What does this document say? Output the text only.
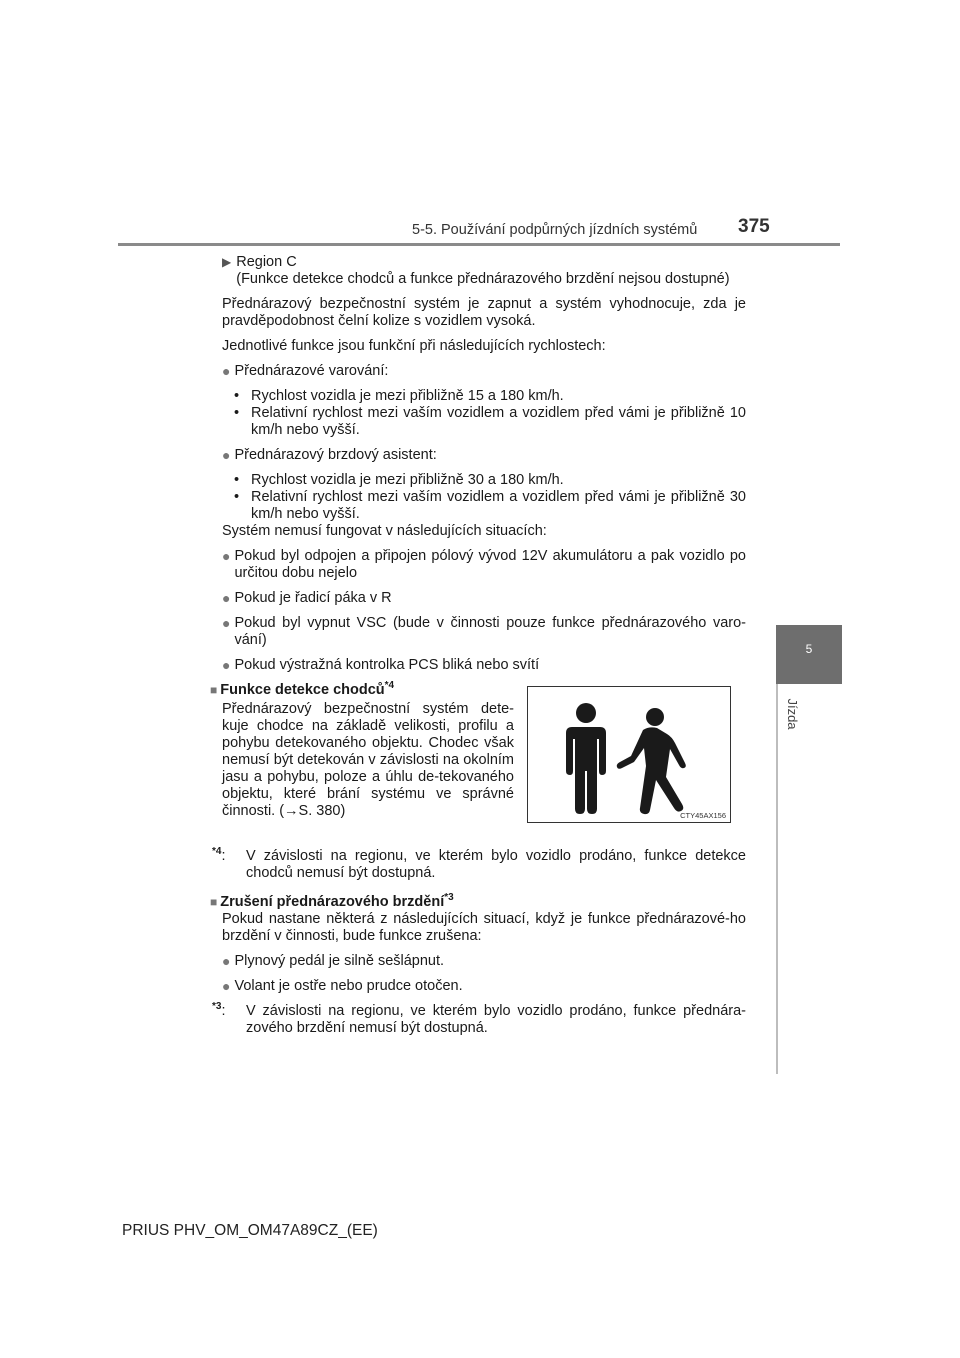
5-5. Používání podpůrných jízdních systémů 375
5
Jízda
▶ Region C

(Funkce detekce chodců a funkce přednárazového brzdění nejsou dostupné)

Přednárazový bezpečnostní systém je zapnut a systém vyhodnocuje, zda je pravděpodobnost čelní kolize s vozidlem vysoká.

Jednotlivé funkce jsou funkční při následujících rychlostech:

● Přednárazové varování:
• Rychlost vozidla je mezi přibližně 15 a 180 km/h.
• Relativní rychlost mezi vaším vozidlem a vozidlem před vámi je přibližně 10 km/h nebo vyšší.
● Přednárazový brzdový asistent:
• Rychlost vozidla je mezi přibližně 30 a 180 km/h.
• Relativní rychlost mezi vaším vozidlem a vozidlem před vámi je přibližně 30 km/h nebo vyšší.

Systém nemusí fungovat v následujících situacích:

● Pokud byl odpojen a připojen pólový vývod 12V akumulátoru a pak vozidlo po určitou dobu nejelo
● Pokud je řadicí páka v R
● Pokud byl vypnut VSC (bude v činnosti pouze funkce přednárazového varo-vání)
● Pokud výstražná kontrolka PCS bliká nebo svítí
■ Funkce detekce chodců$^{*4}$

Přednárazový bezpečnostní systém dete-kuje chodce na základě velikosti, profilu a pohybu detekovaného objektu. Chodec však nemusí být detekován v závislosti na okolním jasu a pohybu, poloze a úhlu de-tekovaného objektu, které brání systému ve správné činnosti. (→S. 380)	CTY45AX156
$^{*4}$:	V závislosti na regionu, ve kterém bylo vozidlo prodáno, funkce detekce chodců nemusí být dostupná.
■ Zrušení přednárazového brzdění$^{*3}$

Pokud nastane některá z následujících situací, když je funkce přednárazové-ho brzdění v činnosti, bude funkce zrušena:

● Plynový pedál je silně sešlápnut.
● Volant je ostře nebo prudce otočen.
$^{*3}$:	V závislosti na regionu, ve kterém bylo vozidlo prodáno, funkce přednára-zového brzdění nemusí být dostupná.
PRIUS PHV_OM_OM47A89CZ_(EE)
